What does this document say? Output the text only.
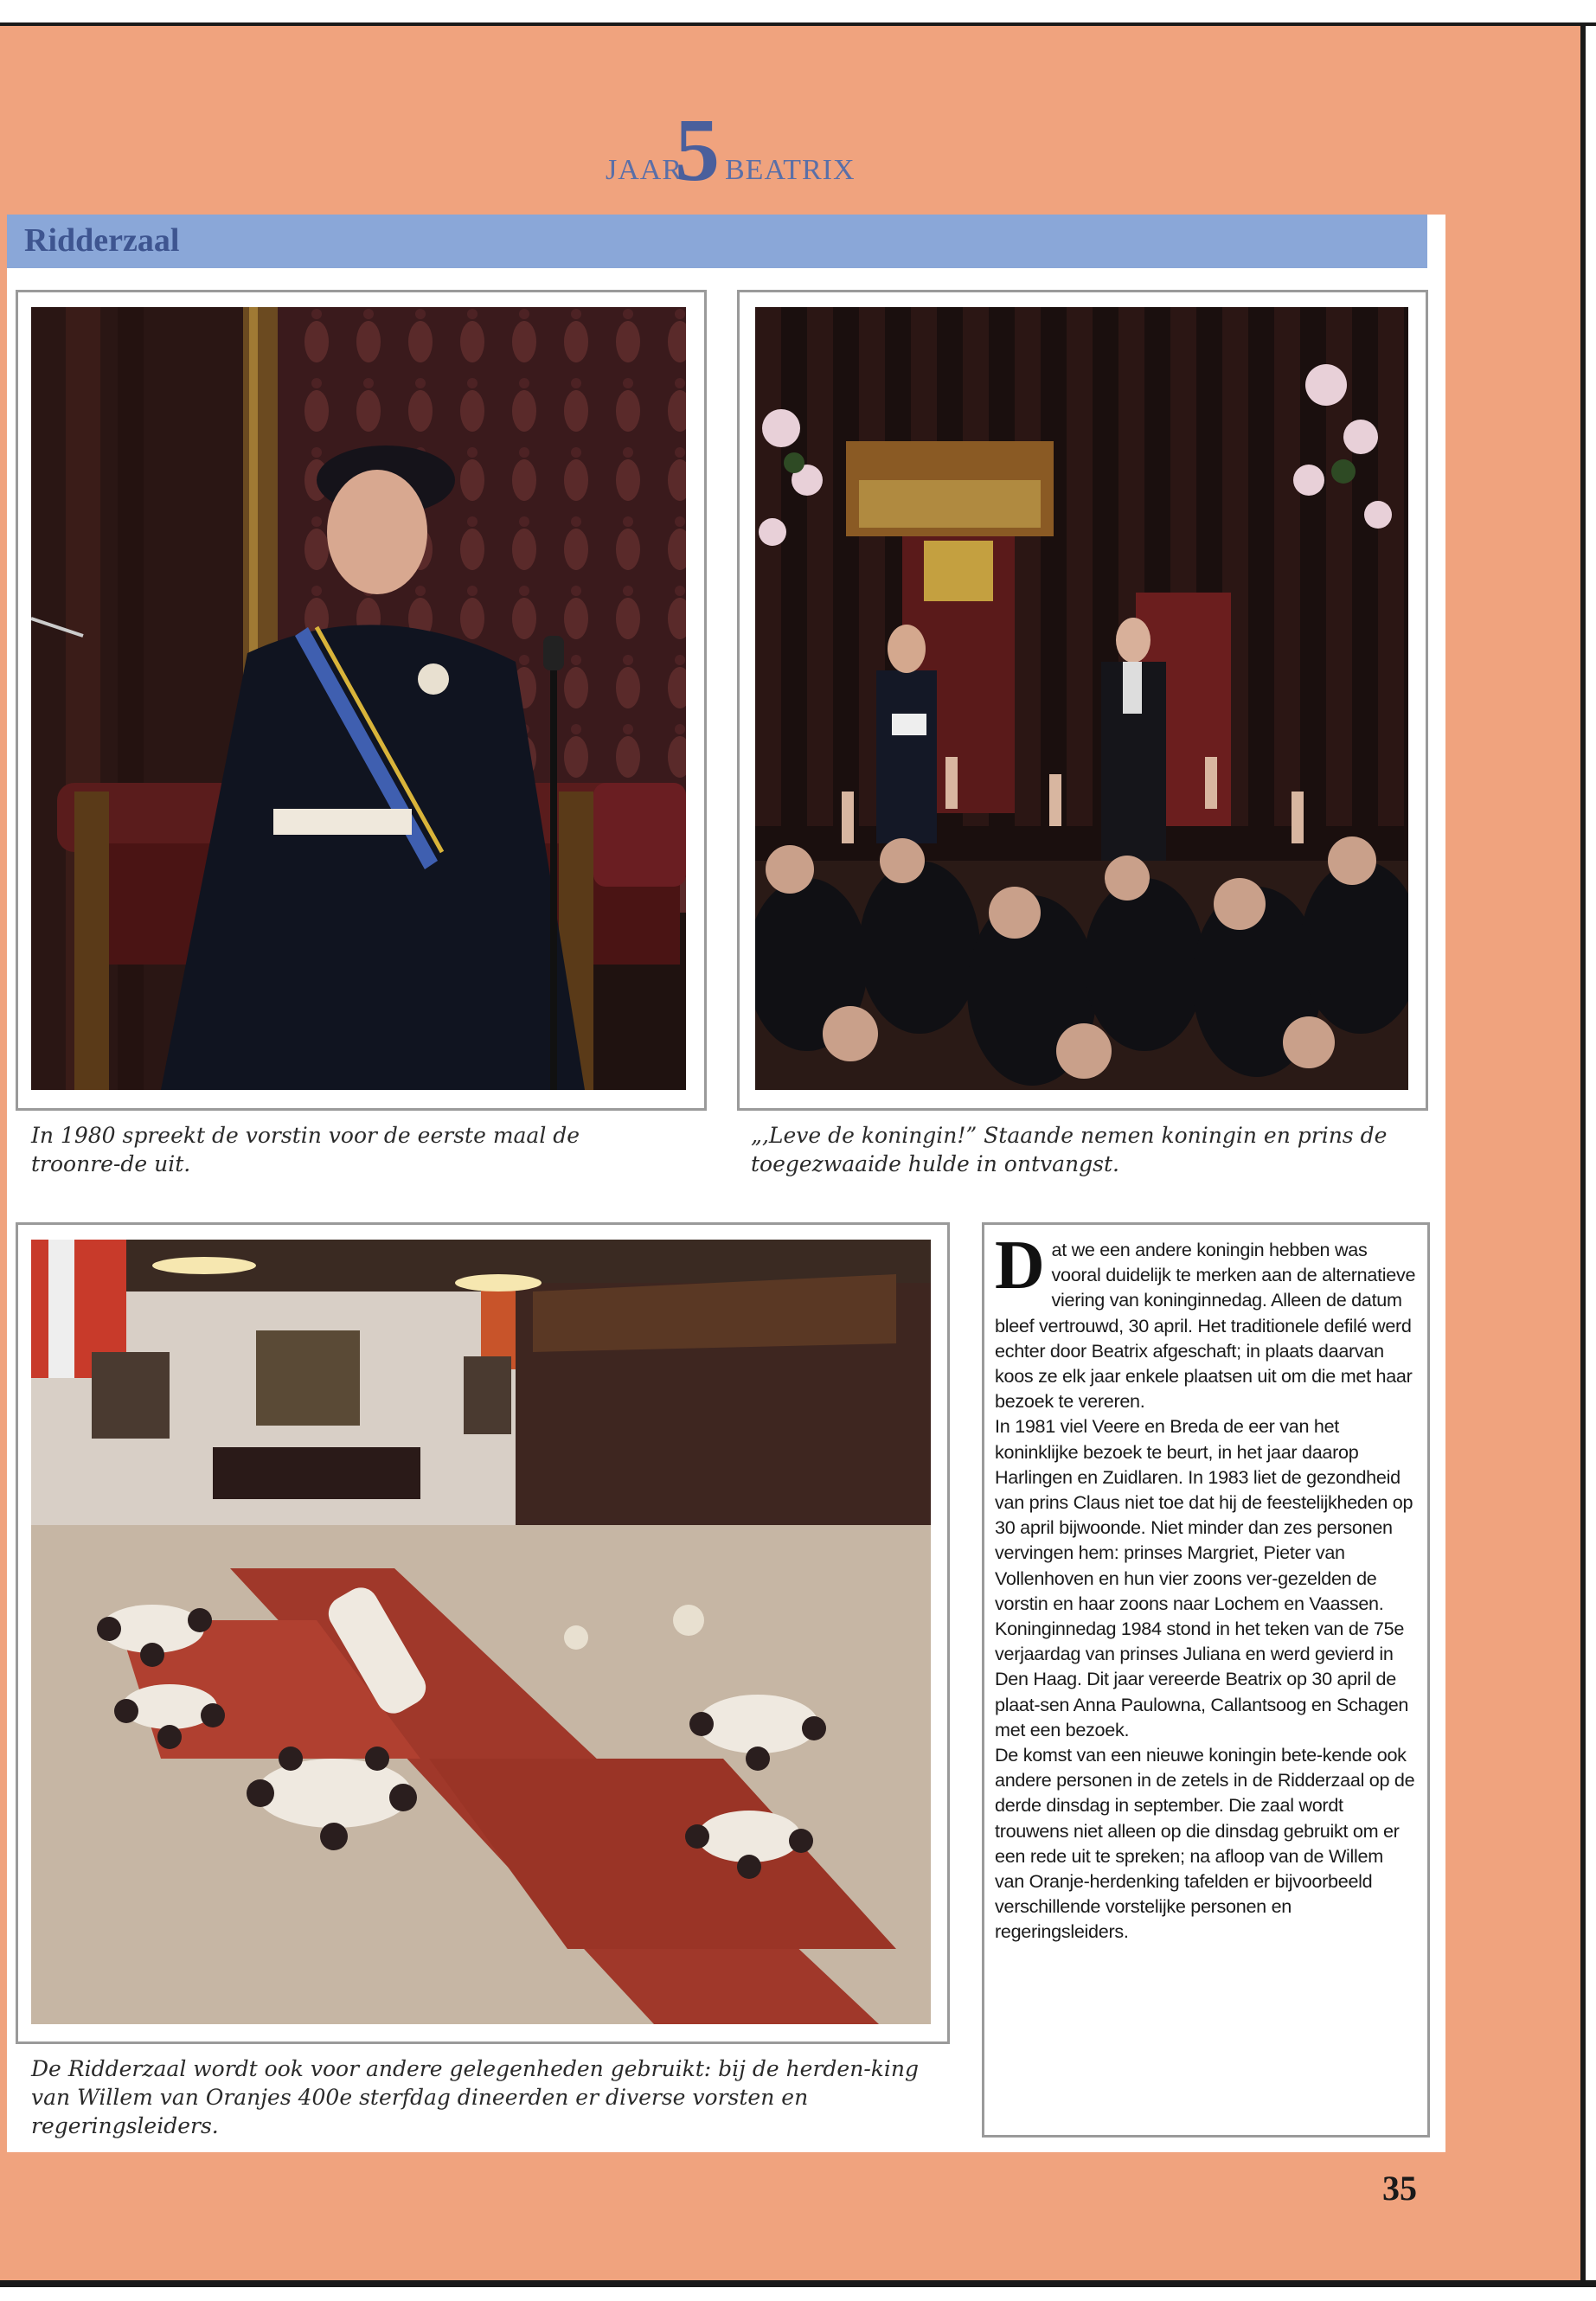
JAAR
5 BEATRIX
Ridderzaal
In 1980 spreekt de vorstin voor de eerste maal de troonre-de uit.
„,Leve de koningin!” Staande nemen koningin en prins de toegezwaaide hulde in ontvangst.
De Ridderzaal wordt ook voor andere gelegenheden gebruikt: bij de herden-king van Willem van Oranjes 400e sterfdag dineerden er diverse vorsten en regeringsleiders.
D at we een andere koningin hebben was vooral duidelijk te merken aan de alternatieve viering van koninginnedag. Alleen de datum bleef vertrouwd, 30 april. Het traditionele defilé werd echter door Beatrix afgeschaft; in plaats daarvan koos ze elk jaar enkele plaatsen uit om die met haar bezoek te vereren.

In 1981 viel Veere en Breda de eer van het koninklijke bezoek te beurt, in het jaar daarop Harlingen en Zuidlaren. In 1983 liet de gezondheid van prins Claus niet toe dat hij de feestelijkheden op 30 april bijwoonde. Niet minder dan zes personen vervingen hem: prinses Margriet, Pieter van Vollenhoven en hun vier zoons ver-gezelden de vorstin en haar zoons naar Lochem en Vaassen.

Koninginnedag 1984 stond in het teken van de 75e verjaardag van prinses Juliana en werd gevierd in Den Haag. Dit jaar vereerde Beatrix op 30 april de plaat-sen Anna Paulowna, Callantsoog en Schagen met een bezoek.

De komst van een nieuwe koningin bete-kende ook andere personen in de zetels in de Ridderzaal op de derde dinsdag in september. Die zaal wordt trouwens niet alleen op die dinsdag gebruikt om er een rede uit te spreken; na afloop van de Willem van Oranje-herdenking tafelden er bijvoorbeeld verschillende vorstelijke personen en regeringsleiders.

35
